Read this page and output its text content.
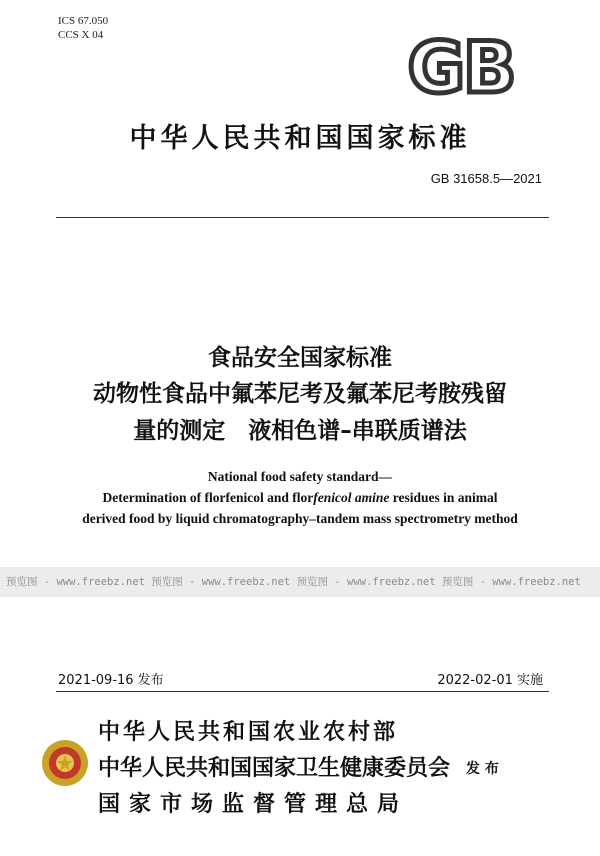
ICS 67.050
CCS X 04	GB
中华人民共和国国家标准
GB 31658.5—2021
食品安全国家标准
动物性食品中氟苯尼考及氟苯尼考胺残留
量的测定　液相色谱–串联质谱法
National food safety standard—
Determination of florfenicol and florfenicol amine residues in animal
derived food by liquid chromatography–tandem mass spectrometry method
预览图 - www.freebz.net 预览图 - www.freebz.net 预览图 - www.freebz.net 预览图 - www.freebz.net
2021-09-16 发布	2022-02-01 实施
中华人民共和国农业农村部
中华人民共和国国家卫生健康委员会
国家市场监督管理总局
发 布
